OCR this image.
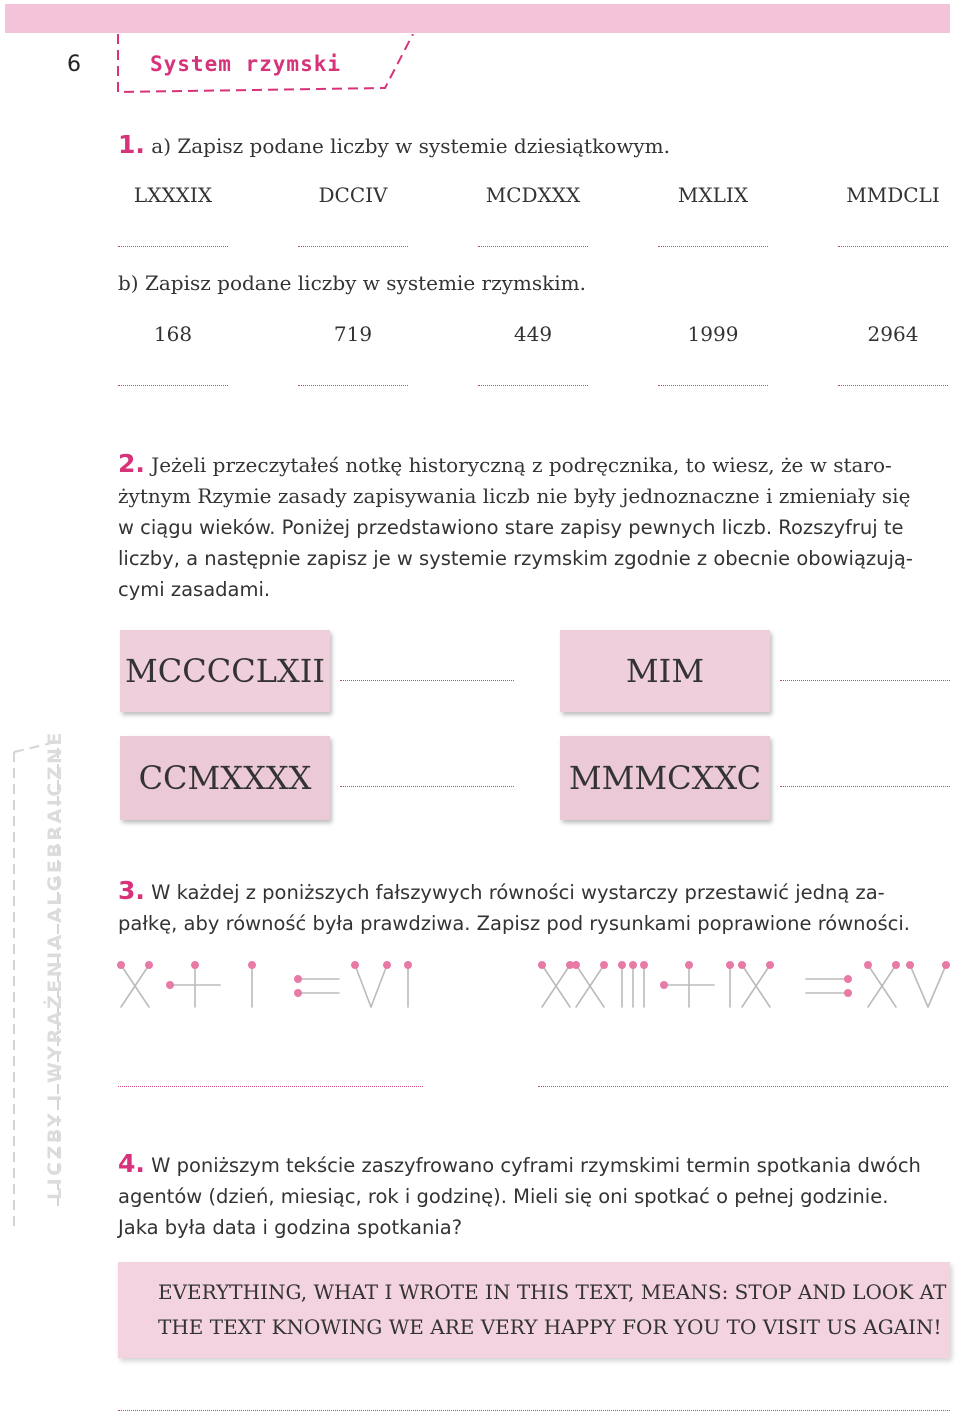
6	System rzymski
LICZBY I WYRAŻENIA ALGEBRAICZNE
1. a) Zapisz podane liczby w systemie dziesiątkowym.
LXXXIX	DCCIV	MCDXXX	MXLIX	MMDCLI
b) Zapisz podane liczby w systemie rzymskim.
168	719	449	1999	2964
2. Jeżeli przeczytałeś notkę historyczną z podręcznika, to wiesz, że w staro-
żytnym Rzymie zasady zapisywania liczb nie były jednoznaczne i zmieniały się
w ciągu wieków. Poniżej przedstawiono stare zapisy pewnych liczb. Rozszyfruj te
liczby, a następnie zapisz je w systemie rzymskim zgodnie z obecnie obowiązują-
cymi zasadami.
MCCCCLXII	MIM
CCMXXXX	MMMCXXC
3. W każdej z poniższych fałszywych równości wystarczy przestawić jedną za-
pałkę, aby równość była prawdziwa. Zapisz pod rysunkami poprawione równości.
4. W poniższym tekście zaszyfrowano cyframi rzymskimi termin spotkania dwóch
agentów (dzień, miesiąc, rok i godzinę). Mieli się oni spotkać o pełnej godzinie.
Jaka była data i godzina spotkania?
EVERYTHING, WHAT I WROTE IN THIS TEXT, MEANS: STOP AND LOOK AT
THE TEXT KNOWING WE ARE VERY HAPPY FOR YOU TO VISIT US AGAIN!
